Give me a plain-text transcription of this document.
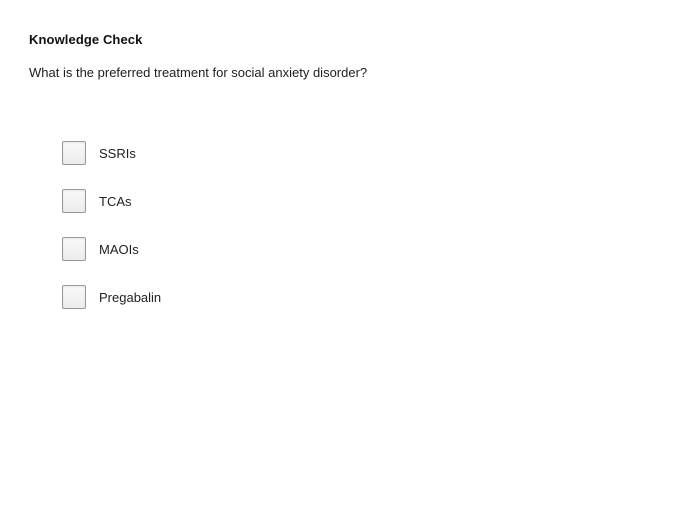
Knowledge Check
What is the preferred treatment for social anxiety disorder?
SSRIs
TCAs
MAOIs
Pregabalin
